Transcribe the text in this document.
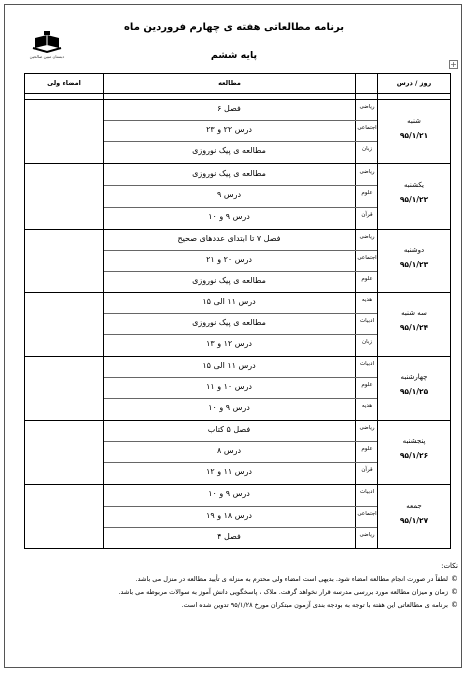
دبستان مبین صالحین
برنامه مطالعاتی هفته ی چهارم فروردین ماه
پایه ششم
+
روز / درس
مطالعه
امضاء ولی
شنبه
۹۵/۱/۲۱
ریاضی
فصل ۶
اجتماعی
درس ۲۲ و ۲۳
زبان
مطالعه ی پیک نوروزی
یکشنبه
۹۵/۱/۲۲
ریاضی
مطالعه ی پیک نوروزی
علوم
درس ۹
قرآن
درس ۹ و ۱۰
دوشنبه
۹۵/۱/۲۳
ریاضی
فصل ۷ تا ابتدای عددهای صحیح
اجتماعی
درس ۲۰ و ۲۱
علوم
مطالعه ی پیک نوروزی
سه شنبه
۹۵/۱/۲۴
هدیه
درس ۱۱ الی ۱۵
ادبیات
مطالعه ی پیک نوروزی
زبان
درس ۱۲ و ۱۳
چهارشنبه
۹۵/۱/۲۵
ادبیات
درس ۱۱ الی ۱۵
علوم
درس ۱۰ و ۱۱
هدیه
درس ۹ و ۱۰
پنجشنبه
۹۵/۱/۲۶
ریاضی
فصل ۵ کتاب
علوم
درس ۸
قرآن
درس ۱۱ و ۱۲
جمعه
۹۵/۱/۲۷
ادبیات
درس ۹ و ۱۰
اجتماعی
درس ۱۸ و ۱۹
ریاضی
فصل ۴
نکات:
©لطفاً در صورت انجام مطالعه امضاء شود. بدیهی است امضاء ولی محترم به منزله ی تأیید مطالعه در منزل می باشد.
©زمان و میزان مطالعه مورد بررسی مدرسه قرار نخواهد گرفت. ملاک ، پاسخگویی دانش آموز به سوالات مربوطه می باشد.
©برنامه ی مطالعاتی این هفته با توجه به بودجه بندی آزمون مبتکران مورخ ۹۵/۱/۲۸ تدوین شده است.
